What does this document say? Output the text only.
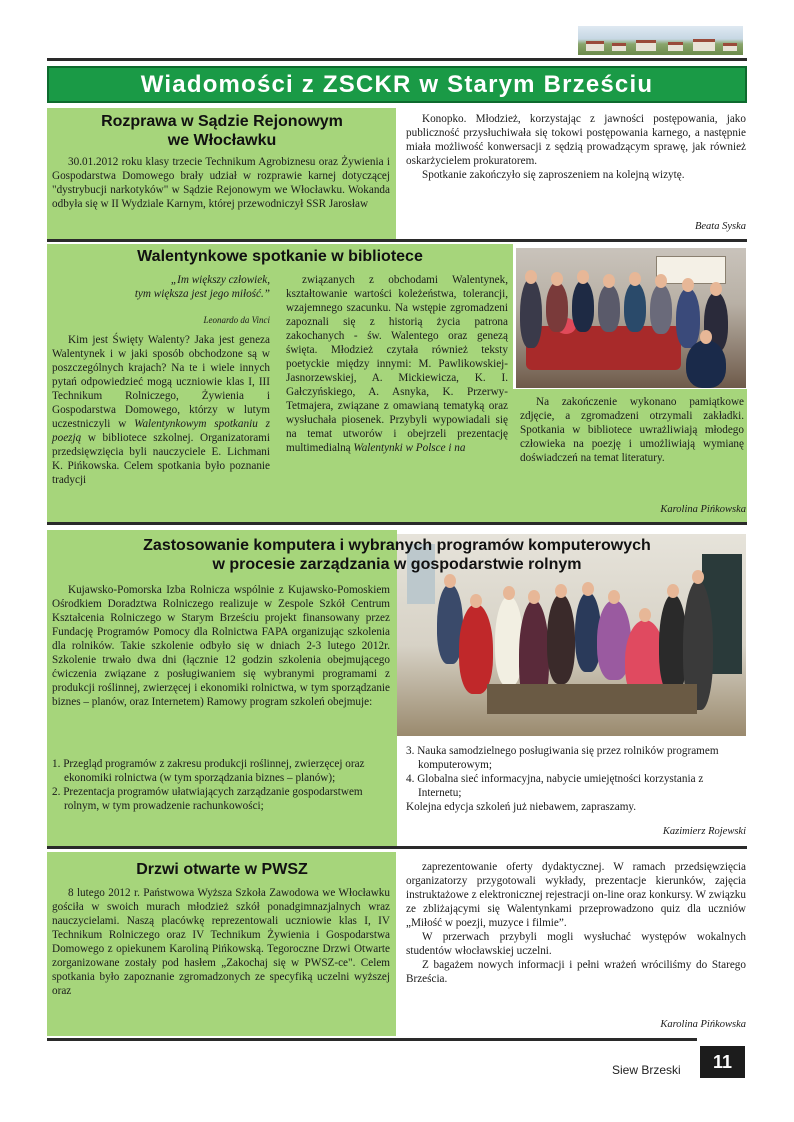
Wiadomości z ZSCKR w Starym Brześciu
Rozprawa w Sądzie Rejonowym
we Włocławku

30.01.2012 roku klasy trzecie Technikum Agrobiznesu oraz Żywienia i Gospodarstwa Domowego brały udział w rozprawie karnej dotyczącej "dystrybucji narkotyków" w Sądzie Rejonowym we Włocławku. Wokanda odbyła się w II Wydziale Karnym, której przewodniczył SSR Jarosław

Konopko. Młodzież, korzystając z jawności postępowania, jako publiczność przysłuchiwała się tokowi postępowania karnego, a następnie miała możliwość konwersacji z sędzią prowadzącym sprawę, jak również oskarżycielem prokuratorem.

Spotkanie zakończyło się zaproszeniem na kolejną wizytę.

Beata Syska
Walentynkowe spotkanie w bibliotece
„Im większy człowiek,
tym większa jest jego miłość.”
Leonardo da Vinci

Kim jest Święty Walenty? Jaka jest geneza Walentynek i w jaki sposób obchodzone są w poszczególnych krajach? Na te i wiele innych pytań odpowiedzieć mogą uczniowie klas I, III Technikum Rolniczego, Żywienia i Gospodarstwa Domowego, którzy w lutym uczestniczyli w Walentynkowym spotkaniu z poezją w bibliotece szkolnej. Organizatorami przedsięwzięcia byli nauczyciele E. Lichmani K. Pińkowska. Celem spotkania było poznanie tradycji

związanych z obchodami Walentynek, kształtowanie wartości koleżeństwa, tolerancji, wzajemnego szacunku. Na wstępie zgromadzeni zapoznali się z historią życia patrona zakochanych - św. Walentego oraz genezą święta. Młodzież czytała również teksty poetyckie między innymi: M. Pawlikowskiej-Jasnorzewskiej, A. Mickiewicza, K. I. Gałczyńskiego, A. Asnyka, K. Przerwy-Tetmajera, związane z omawianą tematyką oraz wysłuchała piosenek. Przybyli wypowiadali się na temat utworów i obejrzeli prezentację multimedialną Walentynki w Polsce i na

Na zakończenie wykonano pamiątkowe zdjęcie, a zgromadzeni otrzymali zakładki. Spotkania w bibliotece uwrażliwiają młodego człowieka na poezję i umożliwiają wymianę doświadczeń na temat literatury.

Karolina Pińkowska
Zastosowanie komputera i wybranych programów komputerowych
w procesie zarządzania w gospodarstwie rolnym

Kujawsko-Pomorska Izba Rolnicza wspólnie z Kujawsko-Pomoskiem Ośrodkiem Doradztwa Rolniczego realizuje w Zespole Szkół Centrum Kształcenia Rolniczego w Starym Brześciu projekt finansowany przez Fundację Programów Pomocy dla Rolnictwa FAPA organizując szkolenia dla rolników. Takie szkolenie odbyło się w dniach 2-3 lutego 2012r. Szkolenie trwało dwa dni (łącznie 12 godzin szkolenia obejmującego ćwiczenia związane z posługiwaniem się wybranymi programami z produkcji roślinnej, zwierzęcej i ekonomiki rolnictwa, w tym sporządzanie biznes – planów, oraz Internetem) Ramowy program szkoleń obejmuje:

1. Przegląd programów z zakresu produkcji roślinnej, zwierzęcej oraz ekonomiki rolnictwa (w tym sporządzania biznes – planów);
2. Prezentacja programów ułatwiających zarządzanie gospodarstwem rolnym, w tym prowadzenie rachunkowości;
3. Nauka samodzielnego posługiwania się przez rolników programem komputerowym;
4. Globalna sieć informacyjna, nabycie umiejętności korzystania z Internetu;
Kolejna edycja szkoleń już niebawem, zapraszamy.
Kazimierz Rojewski
Drzwi otwarte w PWSZ

8 lutego 2012 r. Państwowa Wyższa Szkoła Zawodowa we Włocławku gościła w swoich murach młodzież szkół ponadgimnazjalnych wraz nauczycielami. Naszą placówkę reprezentowali uczniowie klas I, IV Technikum Rolniczego oraz IV Technikum Żywienia i Gospodarstwa Domowego z opiekunem Karoliną Pińkowską. Tegoroczne Drzwi Otwarte zorganizowane zostały pod hasłem „Zakochaj się w PWSZ-ce". Celem spotkania było zapoznanie zgromadzonych ze specyfiką uczelni wyższej oraz

zaprezentowanie oferty dydaktycznej. W ramach przedsięwzięcia organizatorzy przygotowali wykłady, prezentacje kierunków, zajęcia instruktażowe z elektronicznej rejestracji on-line oraz konkursy. W związku ze zbliżającymi się Walentynkami przeprowadzono quiz dla uczniów „Miłość w poezji, muzyce i filmie”.

W przerwach przybyli mogli wysłuchać występów wokalnych studentów włocławskiej uczelni.

Z bagażem nowych informacji i pełni wrażeń wróciliśmy do Starego Brześcia.

Karolina Pińkowska
Siew Brzeski	11
